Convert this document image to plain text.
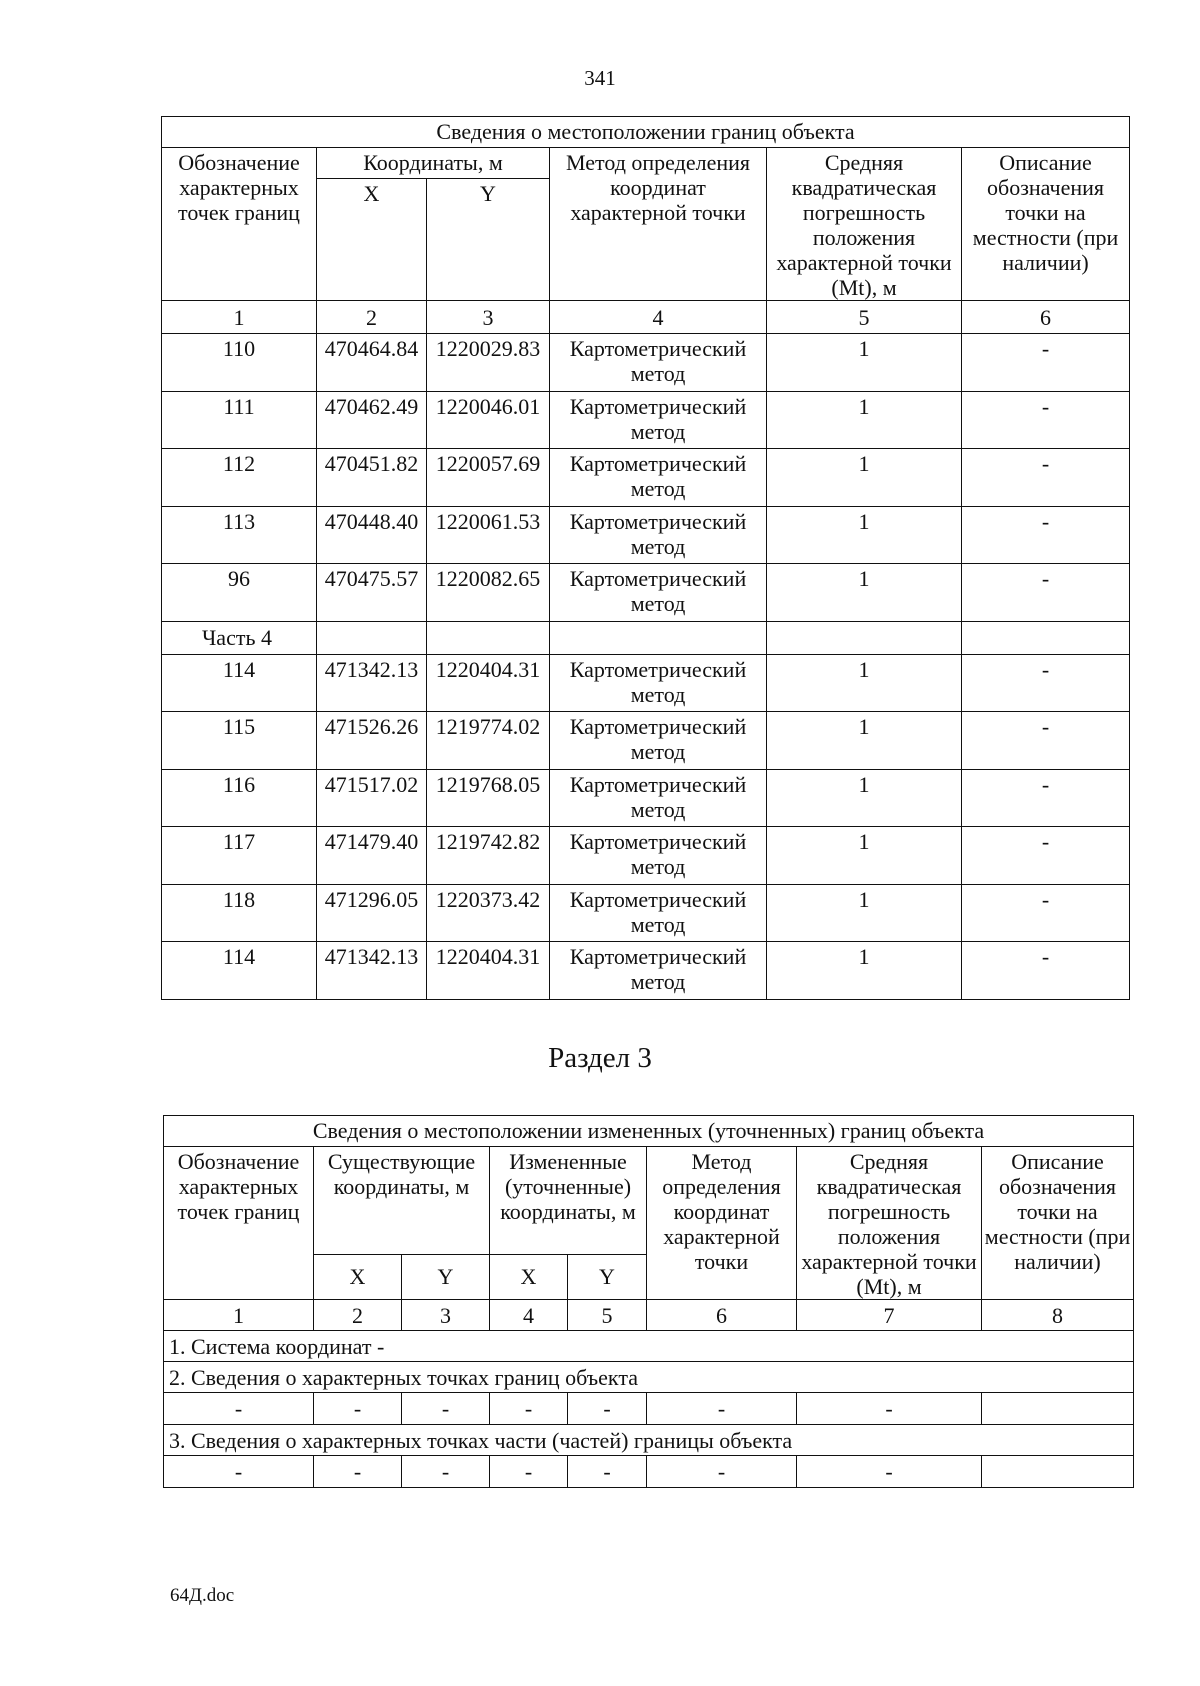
341
Сведения о местоположении границ объекта					
Обозначение характерных точек границ	Координаты, м		Метод определения координат характерной точки	Средняя квадратическая погрешность положения характерной точки (Mt), м	Описание обозначения точки на местности (при наличии)
	X	Y			
1	2	3	4	5	6
110	470464.84	1220029.83	Картометрический метод	1	-
111	470462.49	1220046.01	Картометрический метод	1	-
112	470451.82	1220057.69	Картометрический метод	1	-
113	470448.40	1220061.53	Картометрический метод	1	-
96	470475.57	1220082.65	Картометрический метод	1	-
Часть 4					
114	471342.13	1220404.31	Картометрический метод	1	-
115	471526.26	1219774.02	Картометрический метод	1	-
116	471517.02	1219768.05	Картометрический метод	1	-
117	471479.40	1219742.82	Картометрический метод	1	-
118	471296.05	1220373.42	Картометрический метод	1	-
114	471342.13	1220404.31	Картометрический метод	1	-
Раздел 3
Сведения о местоположении измененных (уточненных) границ объекта							
Обозначение характерных точек границ	Существующие координаты, м		Измененные (уточненные) координаты, м		Метод определения координат характерной точки	Средняя квадратическая погрешность положения характерной точки (Mt), м	Описание обозначения точки на местности (при наличии)
	X	Y	X	Y			
1	2	3	4	5	6	7	8
1. Система координат -							
2. Сведения о характерных точках границ объекта							
-	-	-	-	-	-	-	
3. Сведения о характерных точках части (частей) границы объекта							
-	-	-	-	-	-	-	
64Д.doc
